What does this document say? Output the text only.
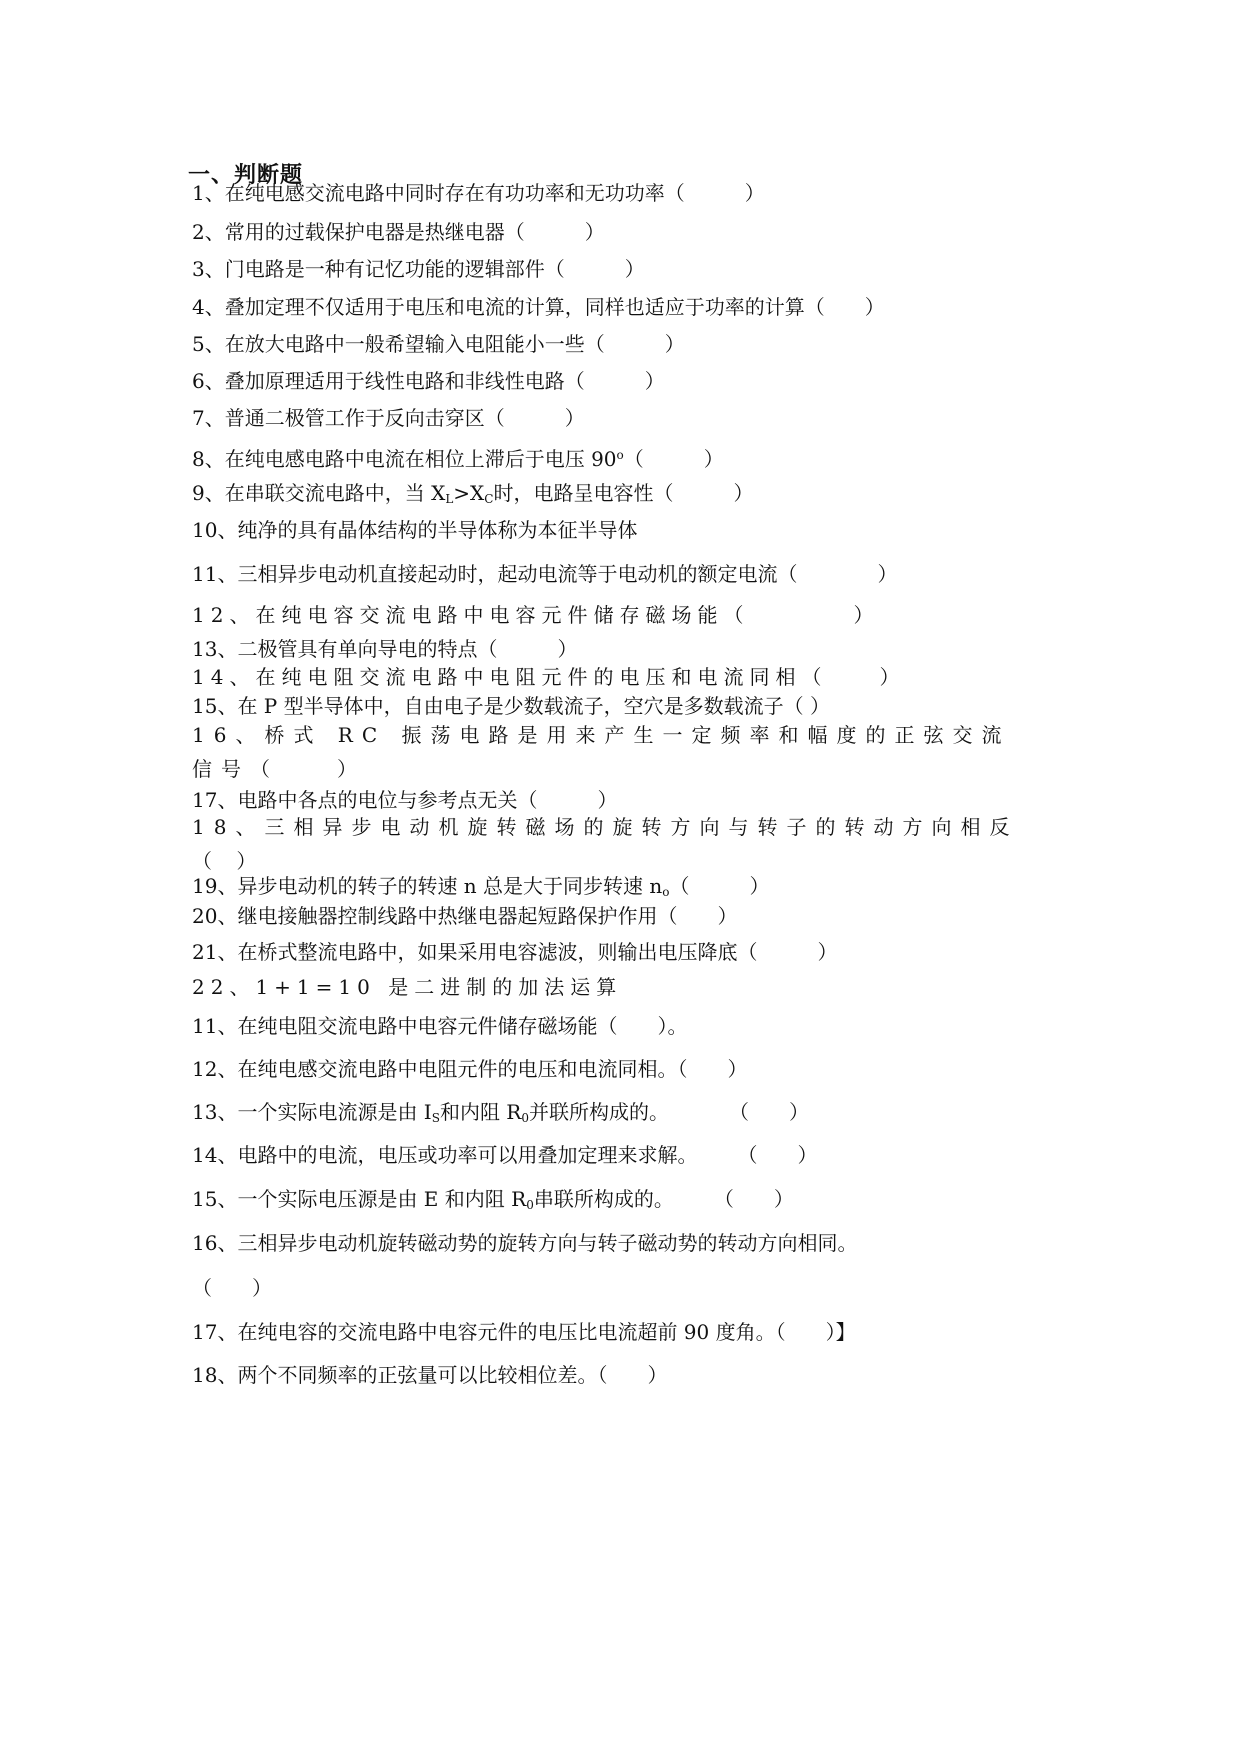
一、判断题
1、在纯电感交流电路中同时存在有功功率和无功功率（　　　）
2、常用的过载保护电器是热继电器（　　　）
3、门电路是一种有记忆功能的逻辑部件（　　　）
4、叠加定理不仅适用于电压和电流的计算，同样也适应于功率的计算（　　）
5、在放大电路中一般希望输入电阻能小一些（　　　）
6、叠加原理适用于线性电路和非线性电路（　　　）
7、普通二极管工作于反向击穿区（　　　）
8、在纯电感电路中电流在相位上滞后于电压 90$^o$（　　　）
9、在串联交流电路中，当 $X_L>X_C$时，电路呈电容性（　　　）
10、纯净的具有晶体结构的半导体称为本征半导体
11、三相异步电动机直接起动时，起动电流等于电动机的额定电流（　　　　）
12、在纯电容交流电路中电容元件储存磁场能（　　　　）
13、二极管具有单向导电的特点（　　　）
14、在纯电阻交流电路中电阻元件的电压和电流同相（　　）
15、在 P 型半导体中，自由电子是少数载流子，空穴是多数载流子（ ）
16、桥式 RC 振荡电路是用来产生一定频率和幅度的正弦交流信号（　　）
17、电路中各点的电位与参考点无关（　　　）
18、三相异步电动机旋转磁场的旋转方向与转子的转动方向相反（ ）
19、异步电动机的转子的转速 n 总是大于同步转速 $n_o$（　　　）
20、继电接触器控制线路中热继电器起短路保护作用（　　）
21、在桥式整流电路中，如果采用电容滤波，则输出电压降底（　　　）
22、1+1=10 是二进制的加法运算
11、在纯电阻交流电路中电容元件储存磁场能（　　）。
12、在纯电感交流电路中电阻元件的电压和电流同相。（　　）
13、一个实际电流源是由 $I_S$和内阻 $R_0$并联所构成的。　　　　（　　）
14、电路中的电流，电压或功率可以用叠加定理来求解。　　　（　　）
15、一个实际电压源是由 E 和内阻 $R_0$串联所构成的。　　　（　　）
16、三相异步电动机旋转磁动势的旋转方向与转子磁动势的转动方向相同。
（　　）
17、在纯电容的交流电路中电容元件的电压比电流超前 90 度角。（　　）】
18、两个不同频率的正弦量可以比较相位差。（　　）
